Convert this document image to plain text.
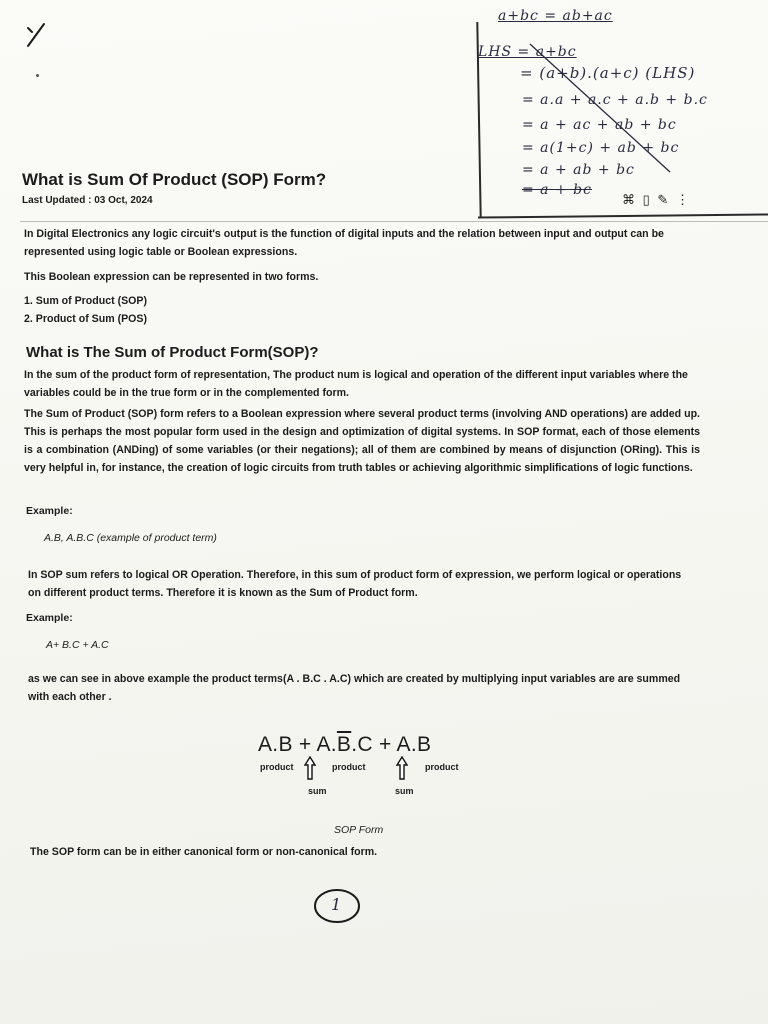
a+bc = ab+ac
LHS = a+bc
= (a+b).(a+c) (LHS)
= a.a + a.c + a.b + b.c
= a + ac + ab + bc
= a(1+c) + ab + bc
= a + ab + bc
= a + bc
⌘ ▯ ✎ ⋮
What is Sum Of Product (SOP) Form?
Last Updated : 03 Oct, 2024

In Digital Electronics any logic circuit's output is the function of digital inputs and the relation between input and output can be represented using logic table or Boolean expressions.

This Boolean expression can be represented in two forms.

1. Sum of Product (SOP)

2. Product of Sum (POS)

What is The Sum of Product Form(SOP)?

In the sum of the product form of representation, The product num is logical and operation of the different input variables where the variables could be in the true form or in the complemented form.

The Sum of Product (SOP) form refers to a Boolean expression where several product terms (involving AND operations) are added up. This is perhaps the most popular form used in the design and optimization of digital systems. In SOP format, each of those elements is a combination (ANDing) of some variables (or their negations); all of them are combined by means of disjunction (ORing). This is very helpful in, for instance, the creation of logic circuits from truth tables or achieving algorithmic simplifications of logic functions.

Example:
A.B, A.B.C (example of product term)

In SOP sum refers to logical OR Operation. Therefore, in this sum of product form of expression, we perform logical or operations on different product terms. Therefore it is known as the Sum of Product form.

Example:
A+ B.C + A.C

as we can see in above example the product terms(A . B.C . A.C) which are created by multiplying input variables are are summed with each other .

$A.B + A.\overline{B}.C + A.B$
product	product	product
sum	sum
SOP Form

The SOP form can be in either canonical form or non-canonical form.

1
